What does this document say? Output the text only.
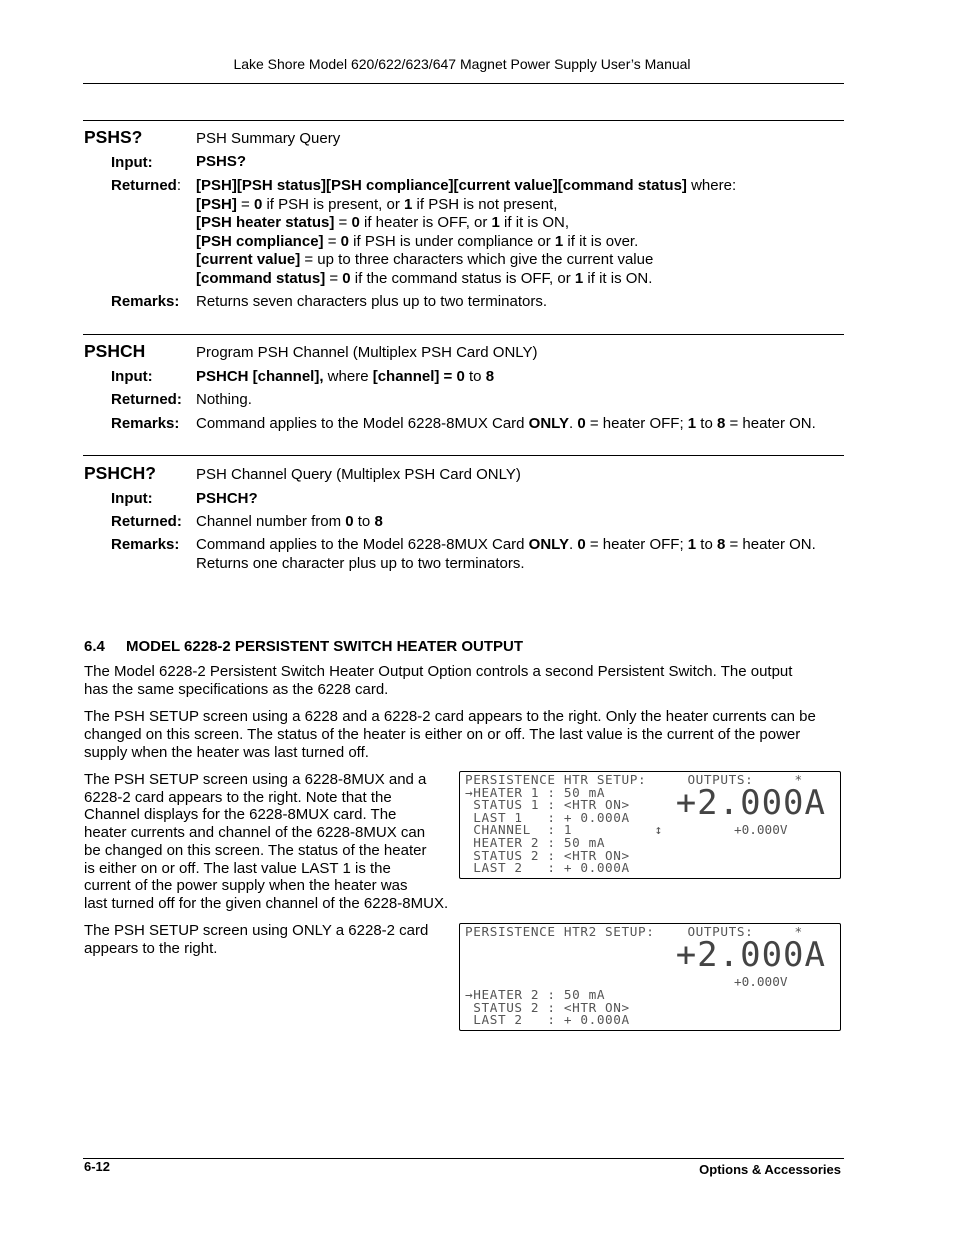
Lake Shore Model 620/622/623/647 Magnet Power Supply User’s Manual
PSHS?	PSH Summary Query
Input:	PSHS?
Returned: [PSH][PSH status][PSH compliance][current value][command status] where:
[PSH] = 0 if PSH is present, or 1 if PSH is not present,
[PSH heater status] = 0 if heater is OFF, or 1 if it is ON,
[PSH compliance] = 0 if PSH is under compliance or 1 if it is over.
[current value] = up to three characters which give the current value
[command status] = 0 if the command status is OFF, or 1 if it is ON.
Remarks: Returns seven characters plus up to two terminators.
PSHCH	Program PSH Channel (Multiplex PSH Card ONLY)
Input:	PSHCH [channel], where [channel] = 0 to 8
Returned: Nothing.
Remarks: Command applies to the Model 6228-8MUX Card ONLY. 0 = heater OFF; 1 to 8 = heater ON.
PSHCH?	PSH Channel Query (Multiplex PSH Card ONLY)
Input:	PSHCH?
Returned: Channel number from 0 to 8
Remarks: Command applies to the Model 6228-8MUX Card ONLY. 0 = heater OFF; 1 to 8 = heater ON.
Returns one character plus up to two terminators.
6.4 MODEL 6228-2 PERSISTENT SWITCH HEATER OUTPUT
The Model 6228-2 Persistent Switch Heater Output Option controls a second Persistent Switch. The output
has the same specifications as the 6228 card.
The PSH SETUP screen using a 6228 and a 6228-2 card appears to the right. Only the heater currents can be
changed on this screen. The status of the heater is either on or off. The last value is the current of the power
supply when the heater was last turned off.
The PSH SETUP screen using a 6228-8MUX and a
6228-2 card appears to the right. Note that the
Channel displays for the 6228-8MUX card. The
heater currents and channel of the 6228-8MUX can
be changed on this screen. The status of the heater
is either on or off. The last value LAST 1 is the
current of the power supply when the heater was
last turned off for the given channel of the 6228-8MUX.
The PSH SETUP screen using ONLY a 6228-2 card
appears to the right.
PERSISTENCE HTR SETUP:     OUTPUTS:     *
→HEATER 1 : 50 mA
STATUS 1 : <HTR ON>
LAST 1   : + 0.000A
CHANNEL  : 1          ↕
HEATER 2 : 50 mA
STATUS 2 : <HTR ON>
LAST 2   : + 0.000A
+2.000A
+0.000V
PERSISTENCE HTR2 SETUP:    OUTPUTS:     *
→HEATER 2 : 50 mA
STATUS 2 : <HTR ON>
LAST 2   : + 0.000A
+2.000A
+0.000V
6-12	Options & Accessories
